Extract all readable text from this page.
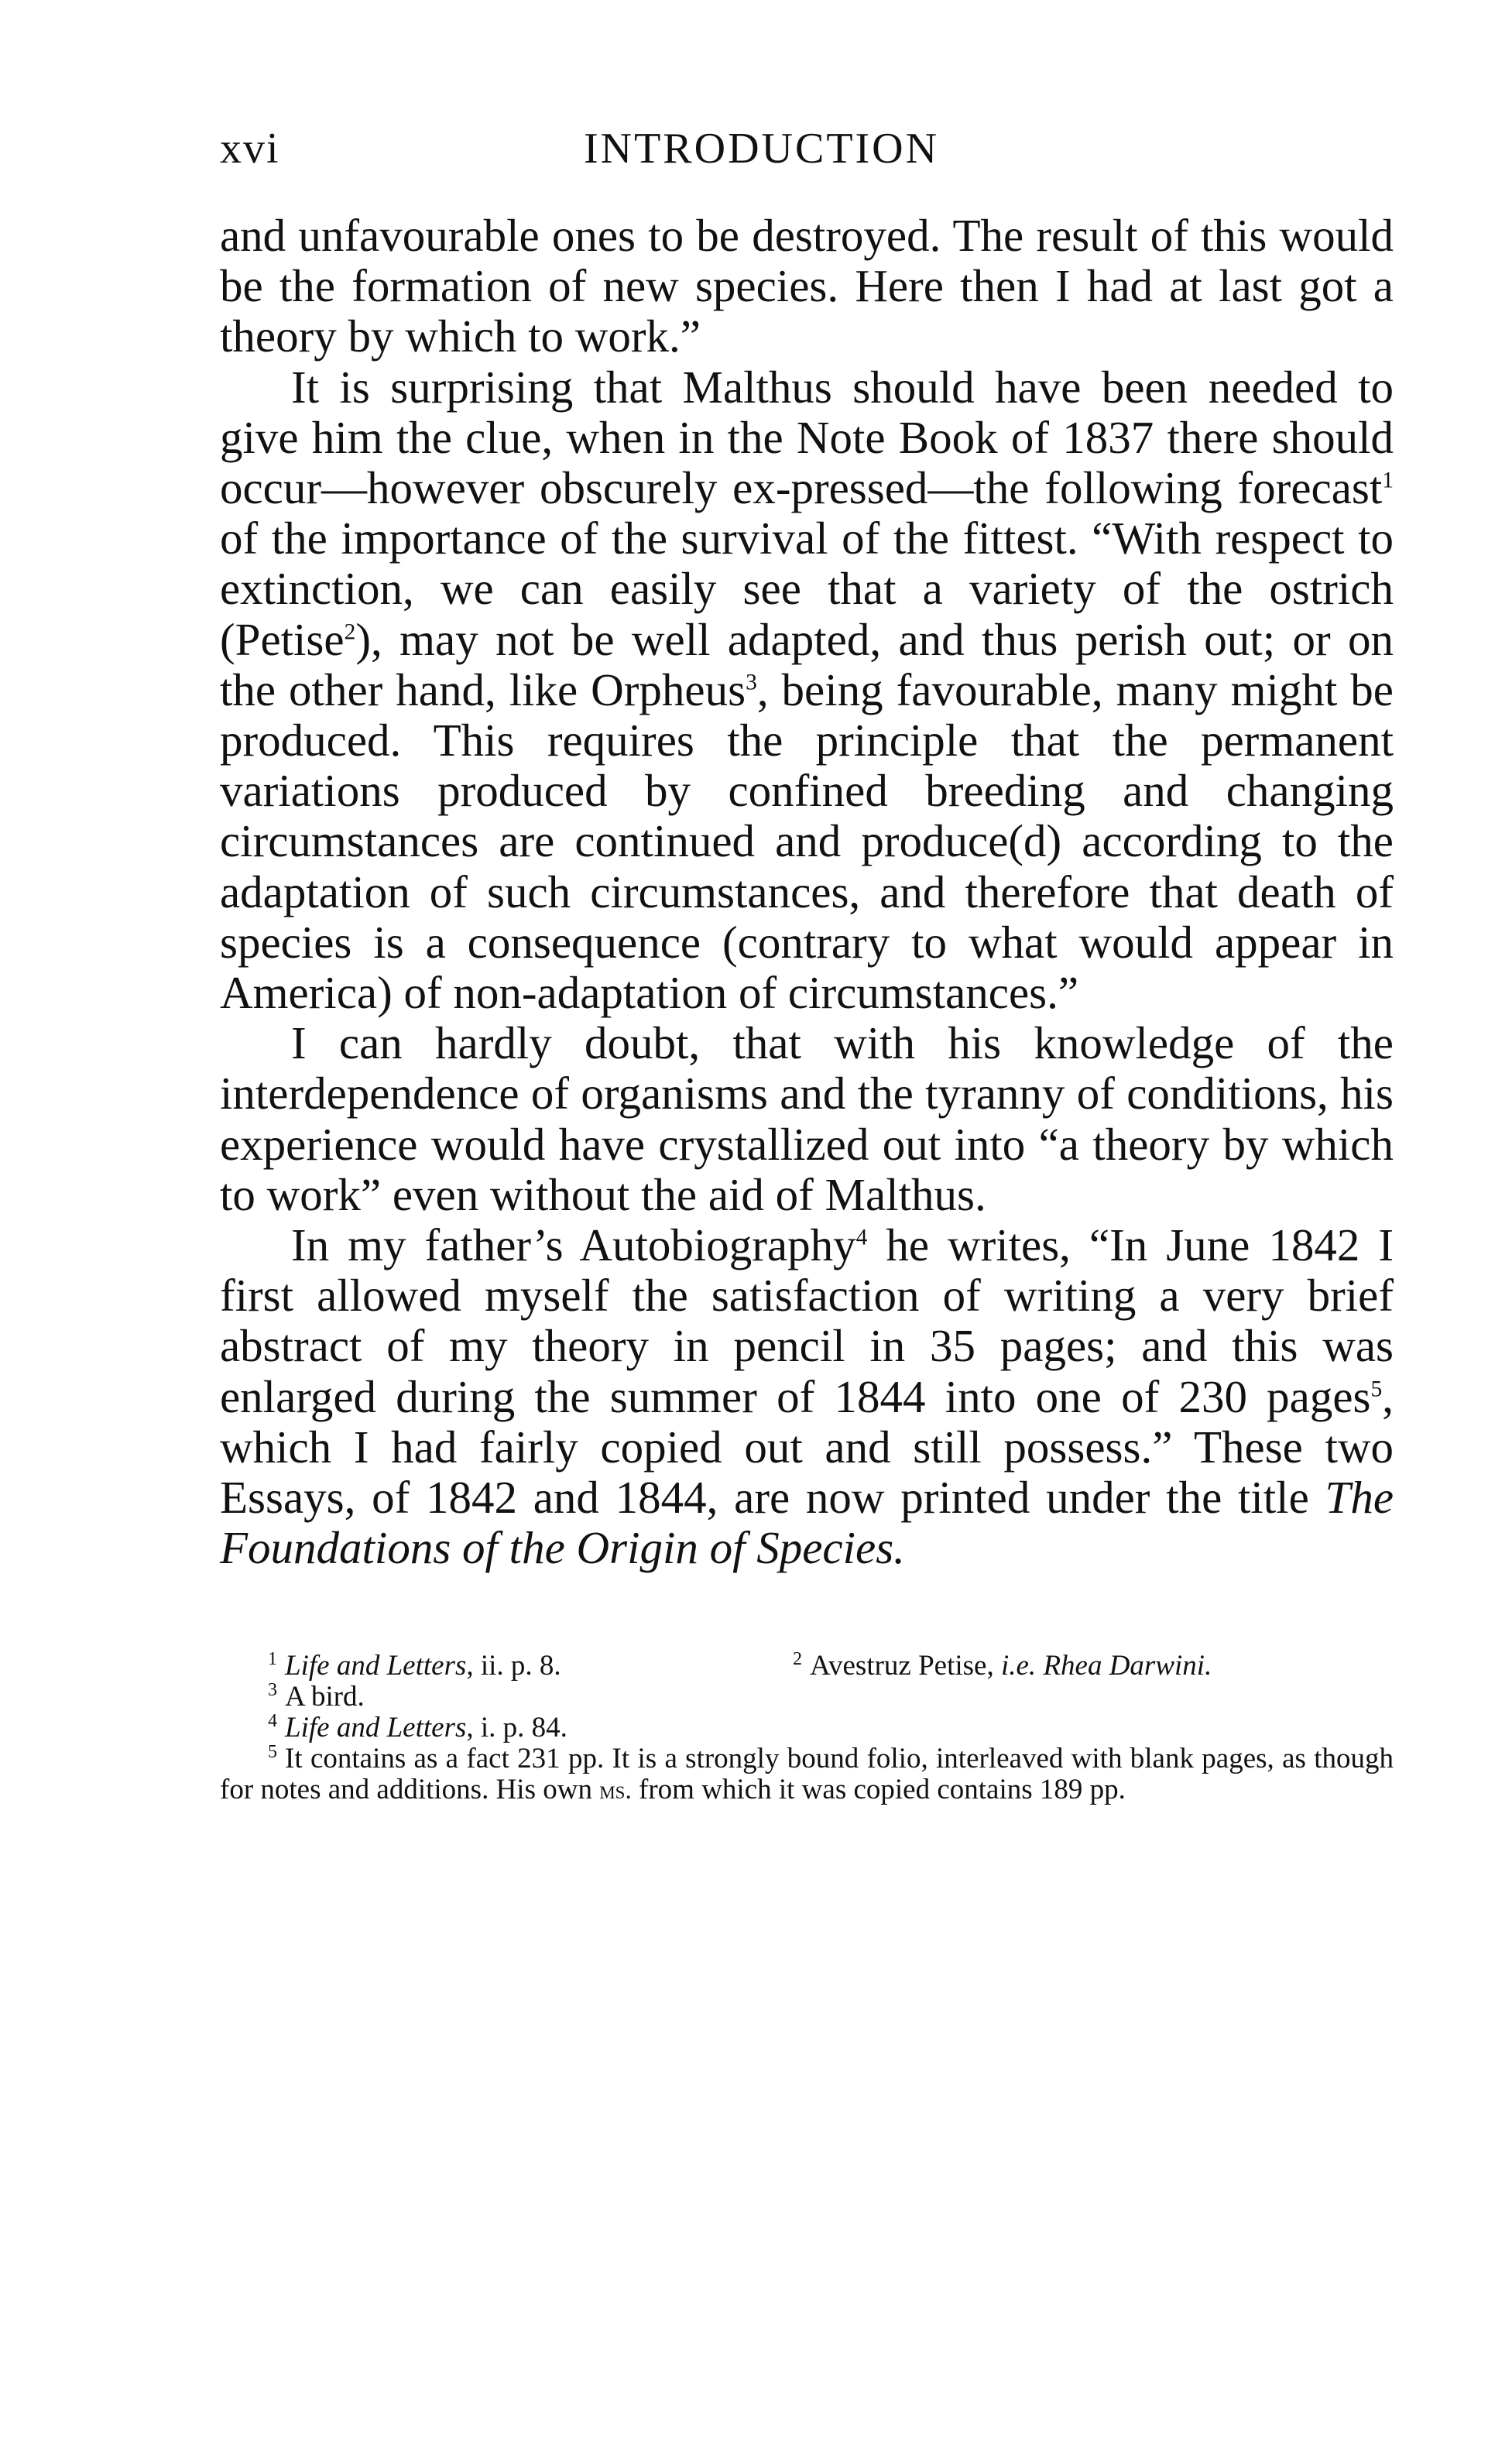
xvi	INTRODUCTION

and unfavourable ones to be destroyed. The result of this would be the formation of new species. Here then I had at last got a theory by which to work.”

It is surprising that Malthus should have been needed to give him the clue, when in the Note Book of 1837 there should occur—however obscurely ex-pressed—the following forecast$^1$ of the importance of the survival of the fittest. “With respect to extinction, we can easily see that a variety of the ostrich (Petise$^2$), may not be well adapted, and thus perish out; or on the other hand, like Orpheus$^3$, being favourable, many might be produced. This requires the principle that the permanent variations produced by confined breeding and changing circumstances are continued and produce(d) according to the adaptation of such circumstances, and therefore that death of species is a consequence (contrary to what would appear in America) of non-adaptation of circumstances.”

I can hardly doubt, that with his knowledge of the interdependence of organisms and the tyranny of conditions, his experience would have crystallized out into “a theory by which to work” even without the aid of Malthus.

In my father’s Autobiography$^4$ he writes, “In June 1842 I first allowed myself the satisfaction of writing a very brief abstract of my theory in pencil in 35 pages; and this was enlarged during the summer of 1844 into one of 230 pages$^5$, which I had fairly copied out and still possess.” These two Essays, of 1842 and 1844, are now printed under the title The Foundations of the Origin of Species.

$^1$ Life and Letters, ii. p. 8.	$^2$ Avestruz Petise, i.e. Rhea Darwini.
$^3$ A bird.
$^4$ Life and Letters, i. p. 84.

$^5$ It contains as a fact 231 pp. It is a strongly bound folio, interleaved with blank pages, as though for notes and additions. His own ms. from which it was copied contains 189 pp.
